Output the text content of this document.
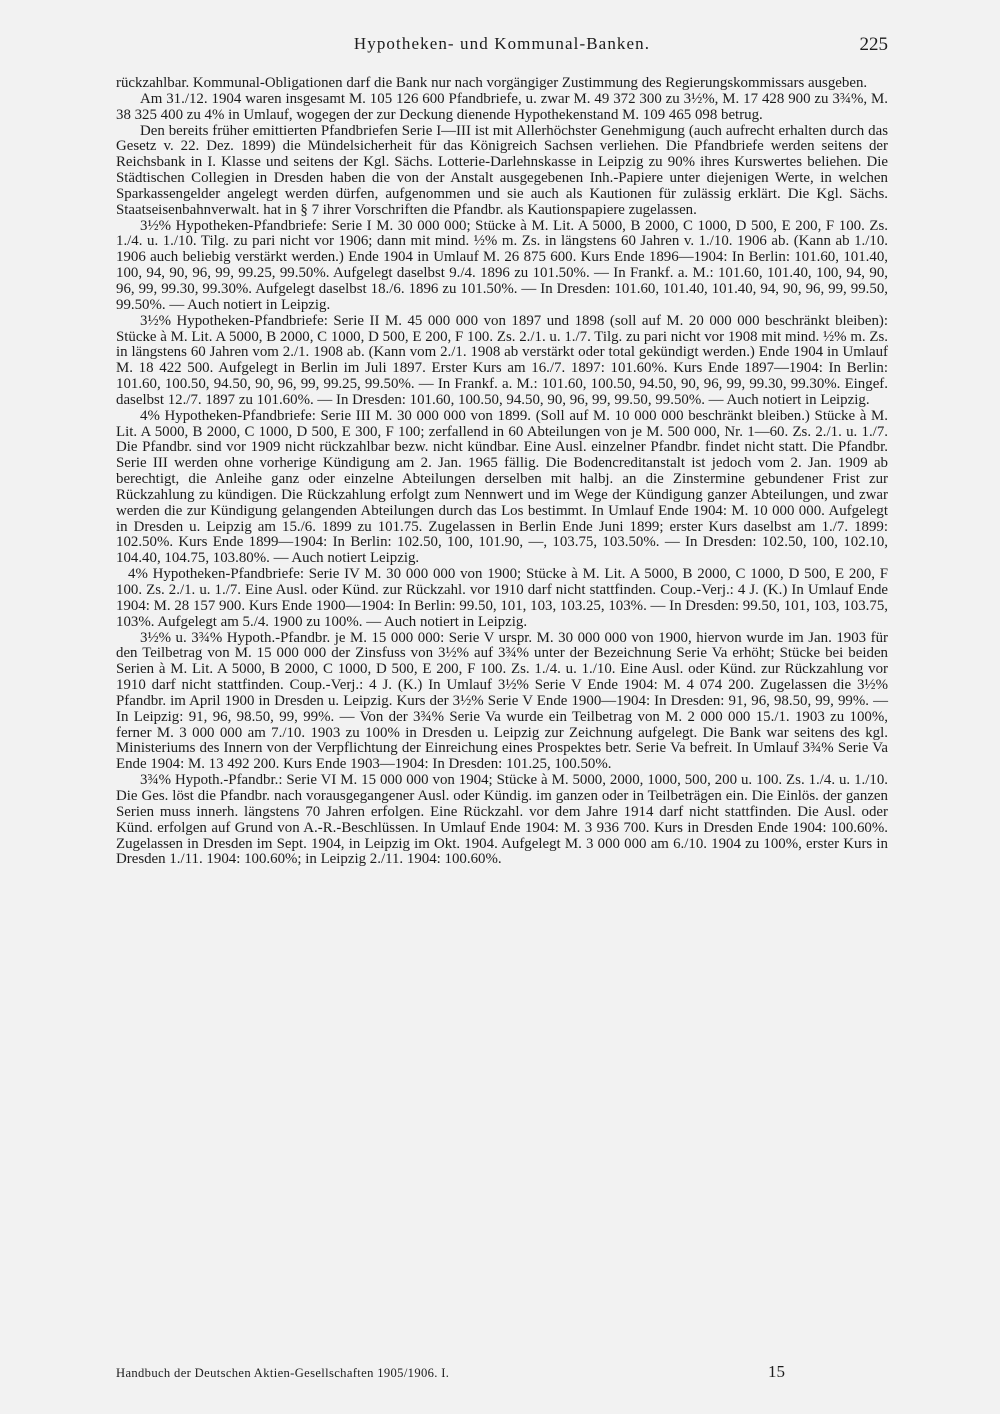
Hypotheken- und Kommunal-Banken.	225

rückzahlbar. Kommunal-Obligationen darf die Bank nur nach vorgängiger Zustimmung des Regierungskommissars ausgeben.

Am 31./12. 1904 waren insgesamt M. 105 126 600 Pfandbriefe, u. zwar M. 49 372 300 zu 3½%, M. 17 428 900 zu 3¾%, M. 38 325 400 zu 4% in Umlauf, wogegen der zur Deckung dienende Hypothekenstand M. 109 465 098 betrug.

Den bereits früher emittierten Pfandbriefen Serie I—III ist mit Allerhöchster Genehmigung (auch aufrecht erhalten durch das Gesetz v. 22. Dez. 1899) die Mündelsicherheit für das Königreich Sachsen verliehen. Die Pfandbriefe werden seitens der Reichsbank in I. Klasse und seitens der Kgl. Sächs. Lotterie-Darlehnskasse in Leipzig zu 90% ihres Kurswertes beliehen. Die Städtischen Collegien in Dresden haben die von der Anstalt ausgegebenen Inh.-Papiere unter diejenigen Werte, in welchen Sparkassengelder angelegt werden dürfen, aufgenommen und sie auch als Kautionen für zulässig erklärt. Die Kgl. Sächs. Staatseisenbahnverwalt. hat in § 7 ihrer Vorschriften die Pfandbr. als Kautionspapiere zugelassen.

3½% Hypotheken-Pfandbriefe: Serie I M. 30 000 000; Stücke à M. Lit. A 5000, B 2000, C 1000, D 500, E 200, F 100. Zs. 1./4. u. 1./10. Tilg. zu pari nicht vor 1906; dann mit mind. ½% m. Zs. in längstens 60 Jahren v. 1./10. 1906 ab. (Kann ab 1./10. 1906 auch beliebig verstärkt werden.) Ende 1904 in Umlauf M. 26 875 600. Kurs Ende 1896—1904: In Berlin: 101.60, 101.40, 100, 94, 90, 96, 99, 99.25, 99.50%. Aufgelegt daselbst 9./4. 1896 zu 101.50%. — In Frankf. a. M.: 101.60, 101.40, 100, 94, 90, 96, 99, 99.30, 99.30%. Aufgelegt daselbst 18./6. 1896 zu 101.50%. — In Dresden: 101.60, 101.40, 101.40, 94, 90, 96, 99, 99.50, 99.50%. — Auch notiert in Leipzig.

3½% Hypotheken-Pfandbriefe: Serie II M. 45 000 000 von 1897 und 1898 (soll auf M. 20 000 000 beschränkt bleiben): Stücke à M. Lit. A 5000, B 2000, C 1000, D 500, E 200, F 100. Zs. 2./1. u. 1./7. Tilg. zu pari nicht vor 1908 mit mind. ½% m. Zs. in längstens 60 Jahren vom 2./1. 1908 ab. (Kann vom 2./1. 1908 ab verstärkt oder total gekündigt werden.) Ende 1904 in Umlauf M. 18 422 500. Aufgelegt in Berlin im Juli 1897. Erster Kurs am 16./7. 1897: 101.60%. Kurs Ende 1897—1904: In Berlin: 101.60, 100.50, 94.50, 90, 96, 99, 99.25, 99.50%. — In Frankf. a. M.: 101.60, 100.50, 94.50, 90, 96, 99, 99.30, 99.30%. Eingef. daselbst 12./7. 1897 zu 101.60%. — In Dresden: 101.60, 100.50, 94.50, 90, 96, 99, 99.50, 99.50%. — Auch notiert in Leipzig.

4% Hypotheken-Pfandbriefe: Serie III M. 30 000 000 von 1899. (Soll auf M. 10 000 000 beschränkt bleiben.) Stücke à M. Lit. A 5000, B 2000, C 1000, D 500, E 300, F 100; zerfallend in 60 Abteilungen von je M. 500 000, Nr. 1—60. Zs. 2./1. u. 1./7. Die Pfandbr. sind vor 1909 nicht rückzahlbar bezw. nicht kündbar. Eine Ausl. einzelner Pfandbr. findet nicht statt. Die Pfandbr. Serie III werden ohne vorherige Kündigung am 2. Jan. 1965 fällig. Die Bodencreditanstalt ist jedoch vom 2. Jan. 1909 ab berechtigt, die Anleihe ganz oder einzelne Abteilungen derselben mit halbj. an die Zinstermine gebundener Frist zur Rückzahlung zu kündigen. Die Rückzahlung erfolgt zum Nennwert und im Wege der Kündigung ganzer Abteilungen, und zwar werden die zur Kündigung gelangenden Abteilungen durch das Los bestimmt. In Umlauf Ende 1904: M. 10 000 000. Aufgelegt in Dresden u. Leipzig am 15./6. 1899 zu 101.75. Zugelassen in Berlin Ende Juni 1899; erster Kurs daselbst am 1./7. 1899: 102.50%. Kurs Ende 1899—1904: In Berlin: 102.50, 100, 101.90, —, 103.75, 103.50%. — In Dresden: 102.50, 100, 102.10, 104.40, 104.75, 103.80%. — Auch notiert Leipzig.

4% Hypotheken-Pfandbriefe: Serie IV M. 30 000 000 von 1900; Stücke à M. Lit. A 5000, B 2000, C 1000, D 500, E 200, F 100. Zs. 2./1. u. 1./7. Eine Ausl. oder Künd. zur Rückzahl. vor 1910 darf nicht stattfinden. Coup.-Verj.: 4 J. (K.) In Umlauf Ende 1904: M. 28 157 900. Kurs Ende 1900—1904: In Berlin: 99.50, 101, 103, 103.25, 103%. — In Dresden: 99.50, 101, 103, 103.75, 103%. Aufgelegt am 5./4. 1900 zu 100%. — Auch notiert in Leipzig.

3½% u. 3¾% Hypoth.-Pfandbr. je M. 15 000 000: Serie V urspr. M. 30 000 000 von 1900, hiervon wurde im Jan. 1903 für den Teilbetrag von M. 15 000 000 der Zinsfuss von 3½% auf 3¾% unter der Bezeichnung Serie Va erhöht; Stücke bei beiden Serien à M. Lit. A 5000, B 2000, C 1000, D 500, E 200, F 100. Zs. 1./4. u. 1./10. Eine Ausl. oder Künd. zur Rückzahlung vor 1910 darf nicht stattfinden. Coup.-Verj.: 4 J. (K.) In Umlauf 3½% Serie V Ende 1904: M. 4 074 200. Zugelassen die 3½% Pfandbr. im April 1900 in Dresden u. Leipzig. Kurs der 3½% Serie V Ende 1900—1904: In Dresden: 91, 96, 98.50, 99, 99%. — In Leipzig: 91, 96, 98.50, 99, 99%. — Von der 3¾% Serie Va wurde ein Teilbetrag von M. 2 000 000 15./1. 1903 zu 100%, ferner M. 3 000 000 am 7./10. 1903 zu 100% in Dresden u. Leipzig zur Zeichnung aufgelegt. Die Bank war seitens des kgl. Ministeriums des Innern von der Verpflichtung der Einreichung eines Prospektes betr. Serie Va befreit. In Umlauf 3¾% Serie Va Ende 1904: M. 13 492 200. Kurs Ende 1903—1904: In Dresden: 101.25, 100.50%.

3¾% Hypoth.-Pfandbr.: Serie VI M. 15 000 000 von 1904; Stücke à M. 5000, 2000, 1000, 500, 200 u. 100. Zs. 1./4. u. 1./10. Die Ges. löst die Pfandbr. nach vorausgegangener Ausl. oder Kündig. im ganzen oder in Teilbeträgen ein. Die Einlös. der ganzen Serien muss innerh. längstens 70 Jahren erfolgen. Eine Rückzahl. vor dem Jahre 1914 darf nicht stattfinden. Die Ausl. oder Künd. erfolgen auf Grund von A.-R.-Beschlüssen. In Umlauf Ende 1904: M. 3 936 700. Kurs in Dresden Ende 1904: 100.60%. Zugelassen in Dresden im Sept. 1904, in Leipzig im Okt. 1904. Aufgelegt M. 3 000 000 am 6./10. 1904 zu 100%, erster Kurs in Dresden 1./11. 1904: 100.60%; in Leipzig 2./11. 1904: 100.60%.

Handbuch der Deutschen Aktien-Gesellschaften 1905/1906. I.	15
